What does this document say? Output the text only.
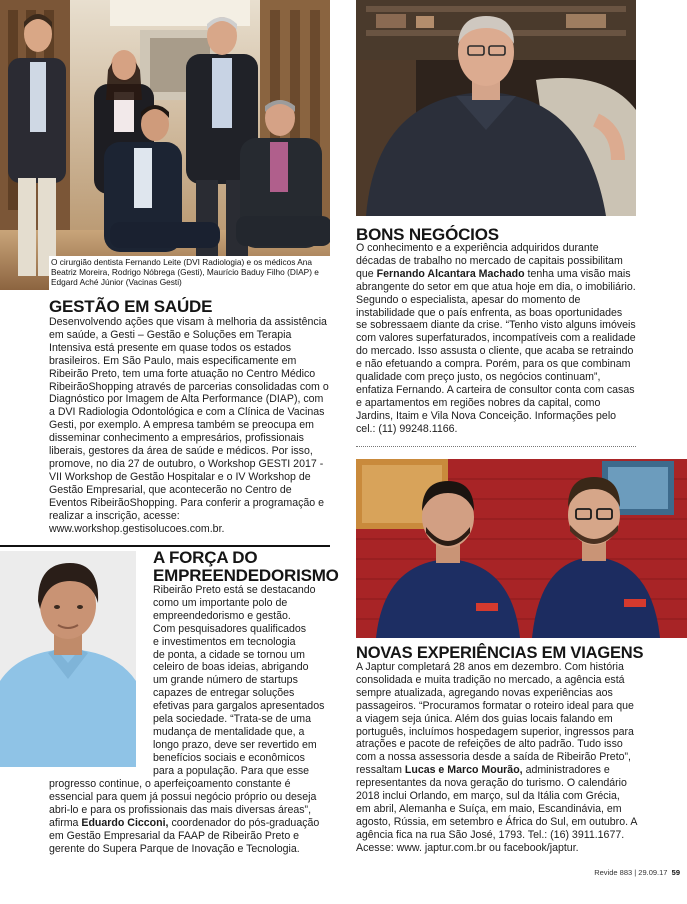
O cirurgião dentista Fernando Leite (DVI Radiologia) e os médicos Ana Beatriz Moreira, Rodrigo Nóbrega (Gesti), Maurício Baduy Filho (DIAP) e Edgard Aché Júnior (Vacinas Gesti)
GESTÃO EM SAÚDE
Desenvolvendo ações que visam à melhoria da assistência em saúde, a Gesti – Gestão e Soluções em Terapia Intensiva está presente em quase todos os estados brasileiros. Em São Paulo, mais especificamente em Ribeirão Preto, tem uma forte atuação no Centro Médico RibeirãoShopping através de parcerias consolidadas com o Diagnóstico por Imagem de Alta Performance (DIAP), com a DVI Radiologia Odontológica e com a Clínica de Vacinas Gesti, por exemplo. A empresa também se preocupa em disseminar conhecimento a empresários, profissionais liberais, gestores da área de saúde e médicos. Por isso, promove, no dia 27 de outubro, o Workshop GESTI 2017 - VII Workshop de Gestão Hospitalar e o IV Workshop de Gestão Empresarial, que acontecerão no Centro de Eventos RibeirãoShopping. Para conferir a programação e realizar a inscrição, acesse: www.workshop.gestisolucoes.com.br.
A FORÇA DO
EMPREENDEDORISMO
Ribeirão Preto está se destacando
como um importante polo de
empreendedorismo e gestão.
Com pesquisadores qualificados
e investimentos em tecnologia
de ponta, a cidade se tornou um
celeiro de boas ideias, abrigando
um grande número de startups
capazes de entregar soluções
efetivas para gargalos apresentados
pela sociedade. “Trata-se de uma
mudança de mentalidade que, a
longo prazo, deve ser revertido em
benefícios sociais e econômicos
para a população. Para que esse
progresso continue, o aperfeiçoamento constante é essencial para quem já possui negócio próprio ou deseja abri-lo e para os profissionais das mais diversas áreas”, afirma Eduardo Cicconi, coordenador do pós-graduação em Gestão Empresarial da FAAP de Ribeirão Preto e gerente do Supera Parque de Inovação e Tecnologia.
BONS NEGÓCIOS
O conhecimento e a experiência adquiridos durante décadas de trabalho no mercado de capitais possibilitam que Fernando Alcantara Machado tenha uma visão mais abrangente do setor em que atua hoje em dia, o imobiliário. Segundo o especialista, apesar do momento de instabilidade que o país enfrenta, as boas oportunidades se sobressaem diante da crise. “Tenho visto alguns imóveis com valores superfaturados, incompatíveis com a realidade do mercado. Isso assusta o cliente, que acaba se retraindo e não efetuando a compra. Porém, para os que combinam qualidade com preço justo, os negócios continuam”, enfatiza Fernando. A carteira de consultor conta com casas e apartamentos em regiões nobres da capital, como Jardins, Itaim e Vila Nova Conceição. Informações pelo cel.: (11) 99248.1166.
NOVAS EXPERIÊNCIAS EM VIAGENS
A Japtur completará 28 anos em dezembro. Com história consolidada e muita tradição no mercado, a agência está sempre atualizada, agregando novas experiências aos passageiros. “Procuramos formatar o roteiro ideal para que a viagem seja única. Além dos guias locais falando em português, incluímos hospedagem superior, ingressos para atrações e pacote de refeições de alto padrão. Tudo isso com a nossa assessoria desde a saída de Ribeirão Preto”, ressaltam Lucas e Marco Mourão, administradores e representantes da nova geração do turismo. O calendário 2018 inclui Orlando, em março, sul da Itália com Grécia, em abril, Alemanha e Suíça, em maio, Escandinávia, em agosto, Rússia, em setembro e África do Sul, em outubro. A agência fica na rua São José, 1793. Tel.: (16) 3911.1677. Acesse: www. japtur.com.br ou facebook/japtur.
Revide 883 | 29.09.17 59
